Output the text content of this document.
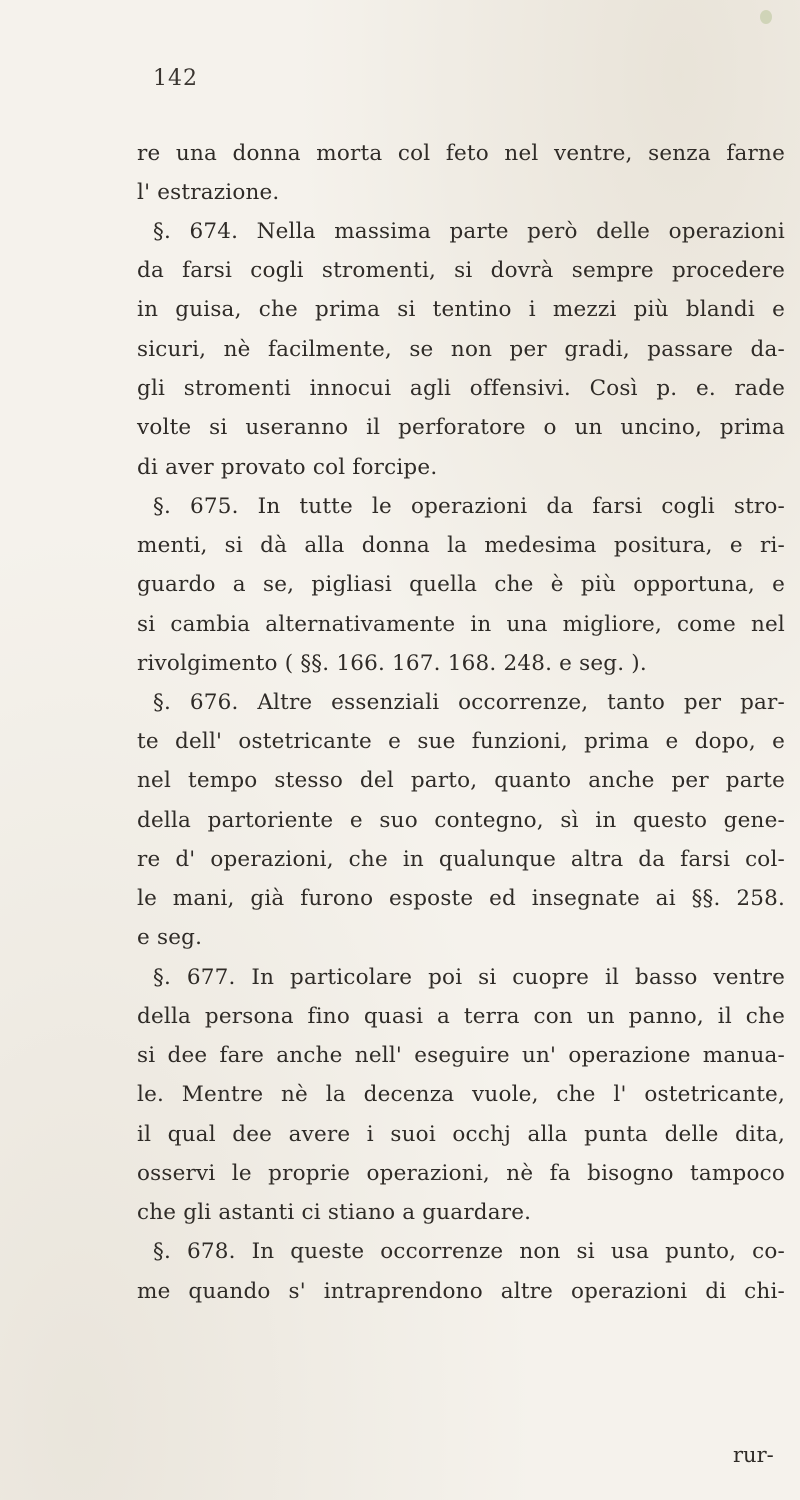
142
re una donna morta col feto nel ventre, senza farne
l' estrazione.
§. 674. Nella massima parte però delle operazioni
da farsi cogli stromenti, si dovrà sempre procedere
in guisa, che prima si tentino i mezzi più blandi e
sicuri, nè facilmente, se non per gradi, passare da-
gli stromenti innocui agli offensivi. Così p. e. rade
volte si useranno il perforatore o un uncino, prima
di aver provato col forcipe.
§. 675. In tutte le operazioni da farsi cogli stro-
menti, si dà alla donna la medesima positura, e ri-
guardo a se, pigliasi quella che è più opportuna, e
si cambia alternativamente in una migliore, come nel
rivolgimento ( §§. 166. 167. 168. 248. e seg. ).
§. 676. Altre essenziali occorrenze, tanto per par-
te dell' ostetricante e sue funzioni, prima e dopo, e
nel tempo stesso del parto, quanto anche per parte
della partoriente e suo contegno, sì in questo gene-
re d' operazioni, che in qualunque altra da farsi col-
le mani, già furono esposte ed insegnate ai §§. 258.
e seg.
§. 677. In particolare poi si cuopre il basso ventre
della persona fino quasi a terra con un panno, il che
si dee fare anche nell' eseguire un' operazione manua-
le. Mentre nè la decenza vuole, che l' ostetricante,
il qual dee avere i suoi occhj alla punta delle dita,
osservi le proprie operazioni, nè fa bisogno tampoco
che gli astanti ci stiano a guardare.
§. 678. In queste occorrenze non si usa punto, co-
me quando s' intraprendono altre operazioni di chi-
rur-
